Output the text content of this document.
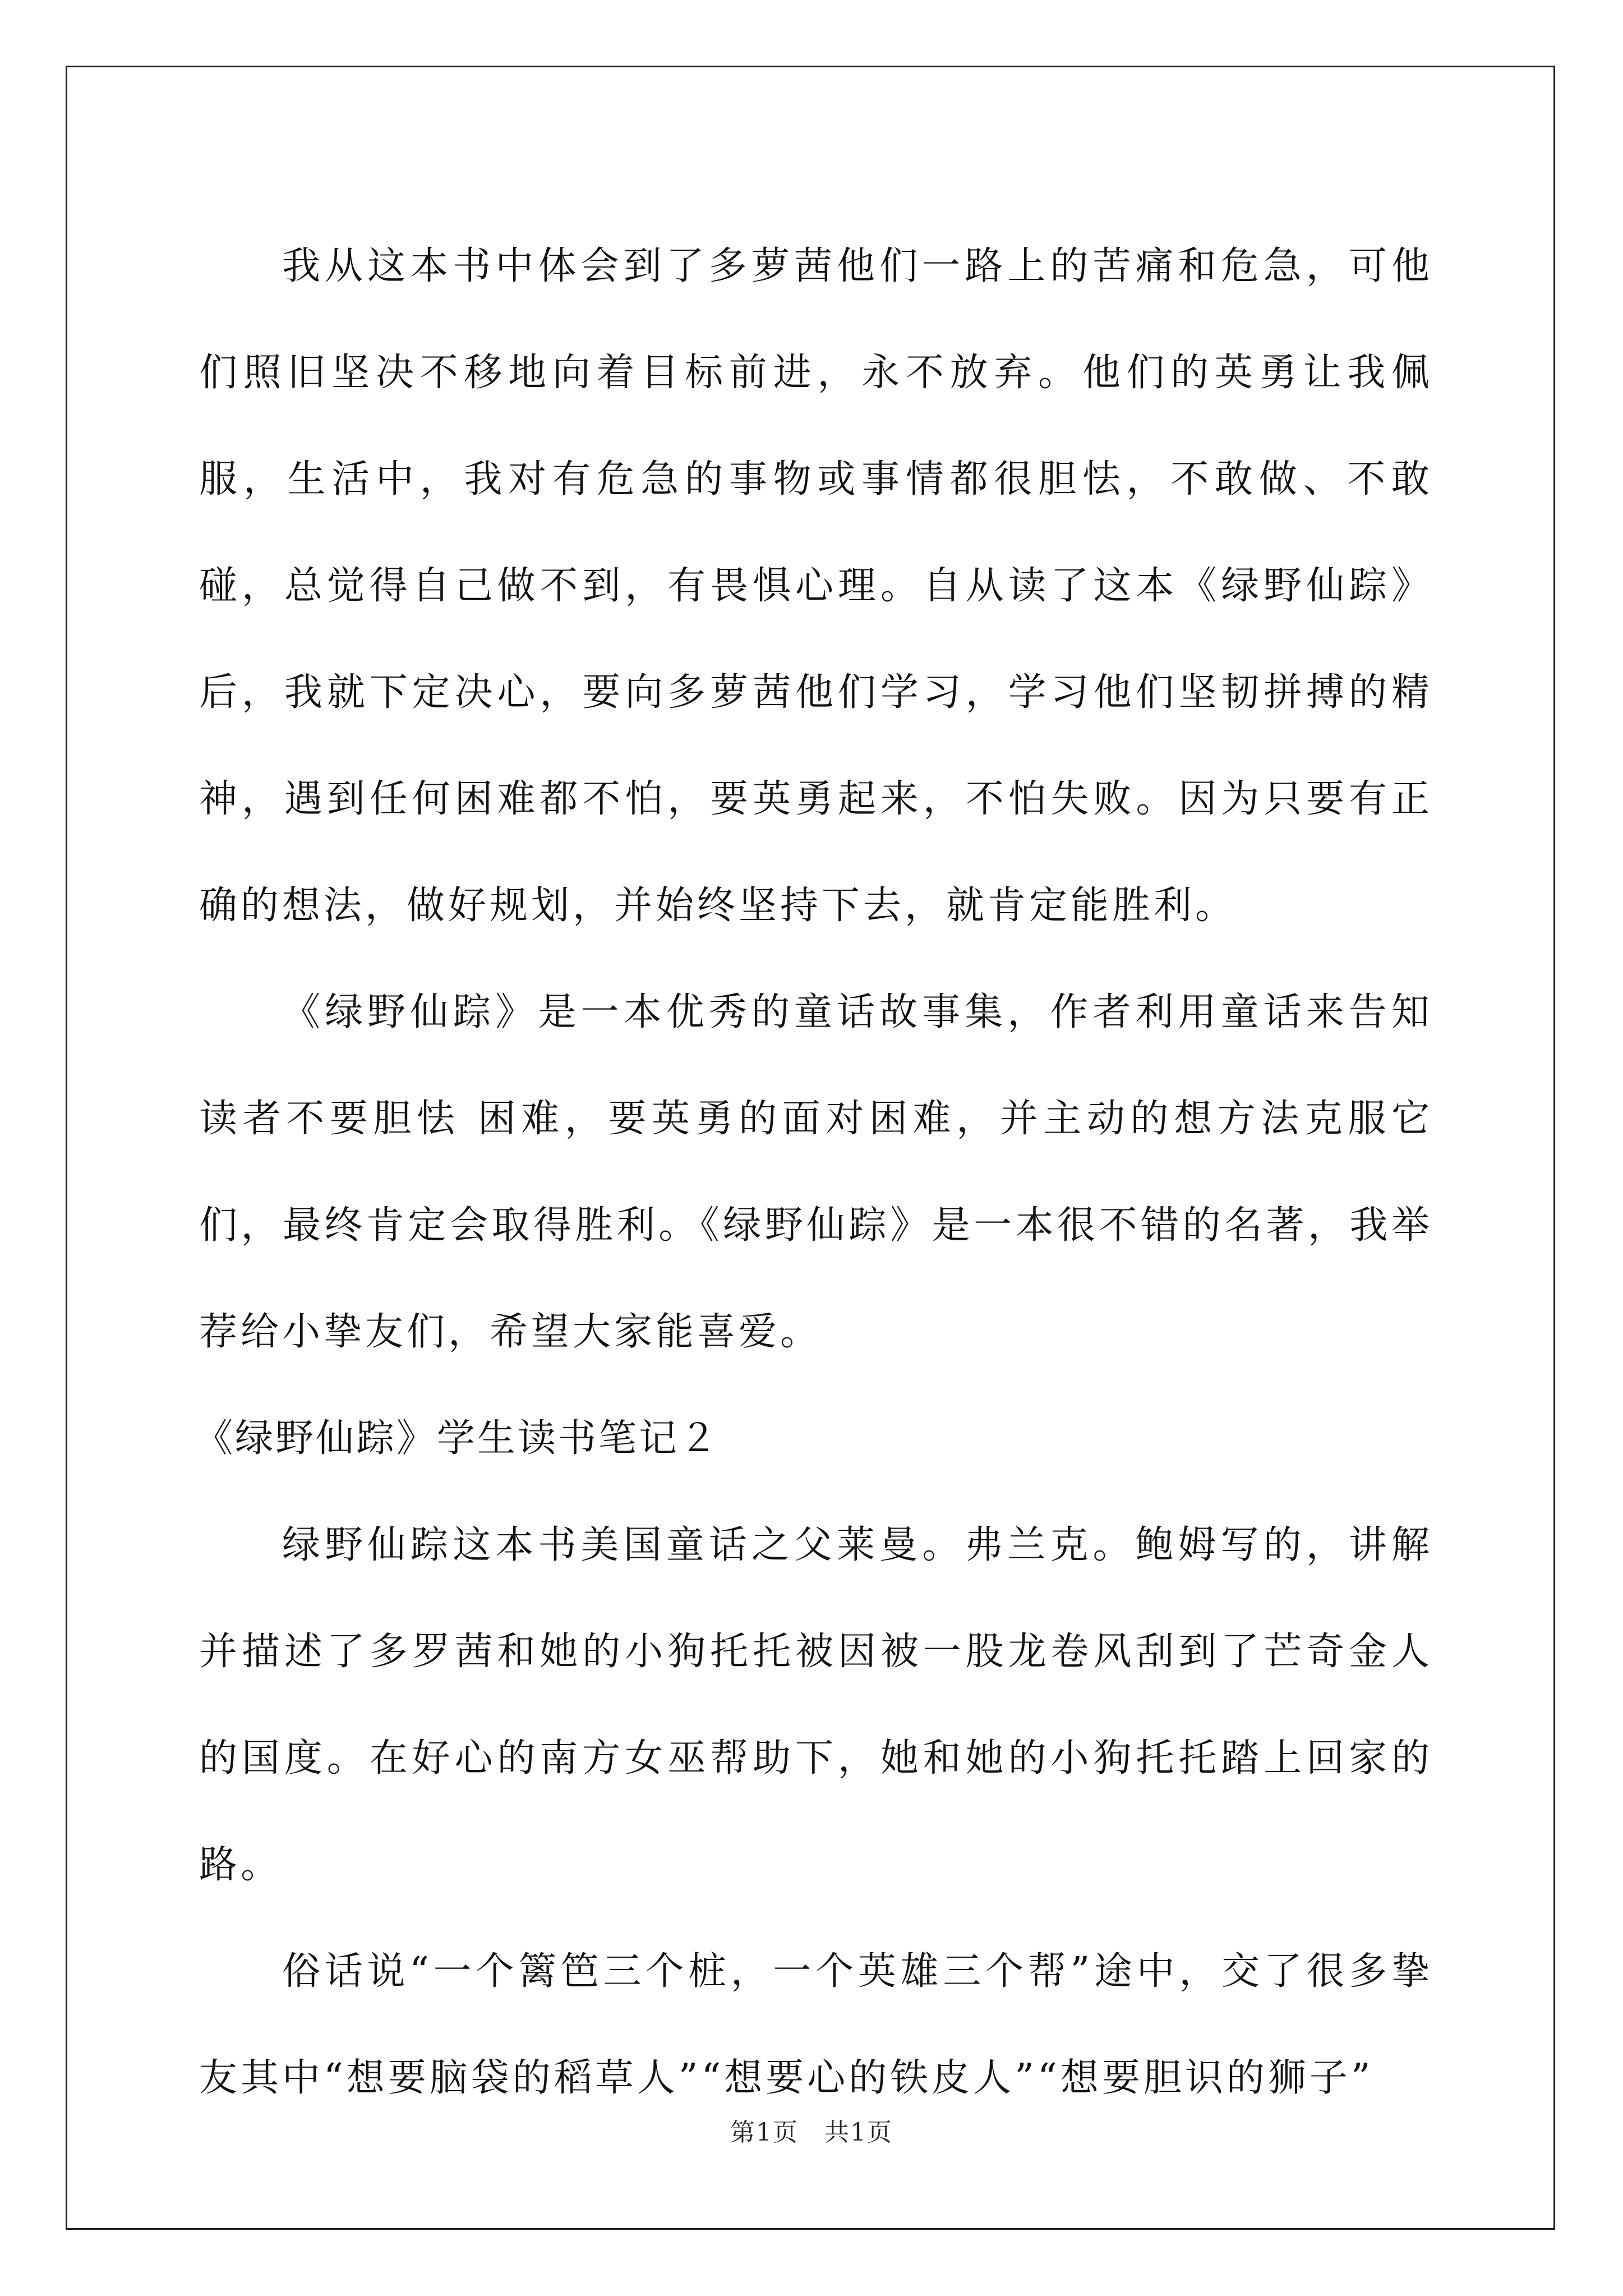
我从这本书中体会到了多萝茜他们一路上的苦痛和危急，可他们照旧坚决不移地向着目标前进，永不放弃。他们的英勇让我佩服，生活中，我对有危急的事物或事情都很胆怯，不敢做、不敢碰，总觉得自己做不到，有畏惧心理。自从读了这本《绿野仙踪》后，我就下定决心，要向多萝茜他们学习，学习他们坚韧拼搏的精神，遇到任何困难都不怕，要英勇起来，不怕失败。因为只要有正确的想法，做好规划，并始终坚持下去，就肯定能胜利。

《绿野仙踪》是一本优秀的童话故事集，作者利用童话来告知读者不要胆怯 困难，要英勇的面对困难，并主动的想方法克服它们，最终肯定会取得胜利。《绿野仙踪》是一本很不错的名著，我举荐给小挚友们，希望大家能喜爱。

《绿野仙踪》学生读书笔记２

绿野仙踪这本书美国童话之父莱曼。弗兰克。鲍姆写的，讲解并描述了多罗茜和她的小狗托托被因被一股龙卷风刮到了芒奇金人的国度。在好心的南方女巫帮助下，她和她的小狗托托踏上回家的路。

俗话说“一个篱笆三个桩，一个英雄三个帮”途中，交了很多挚友其中“想要脑袋的稻草人”“想要心的铁皮人”“想要胆识的狮子”

第1页　共1页
